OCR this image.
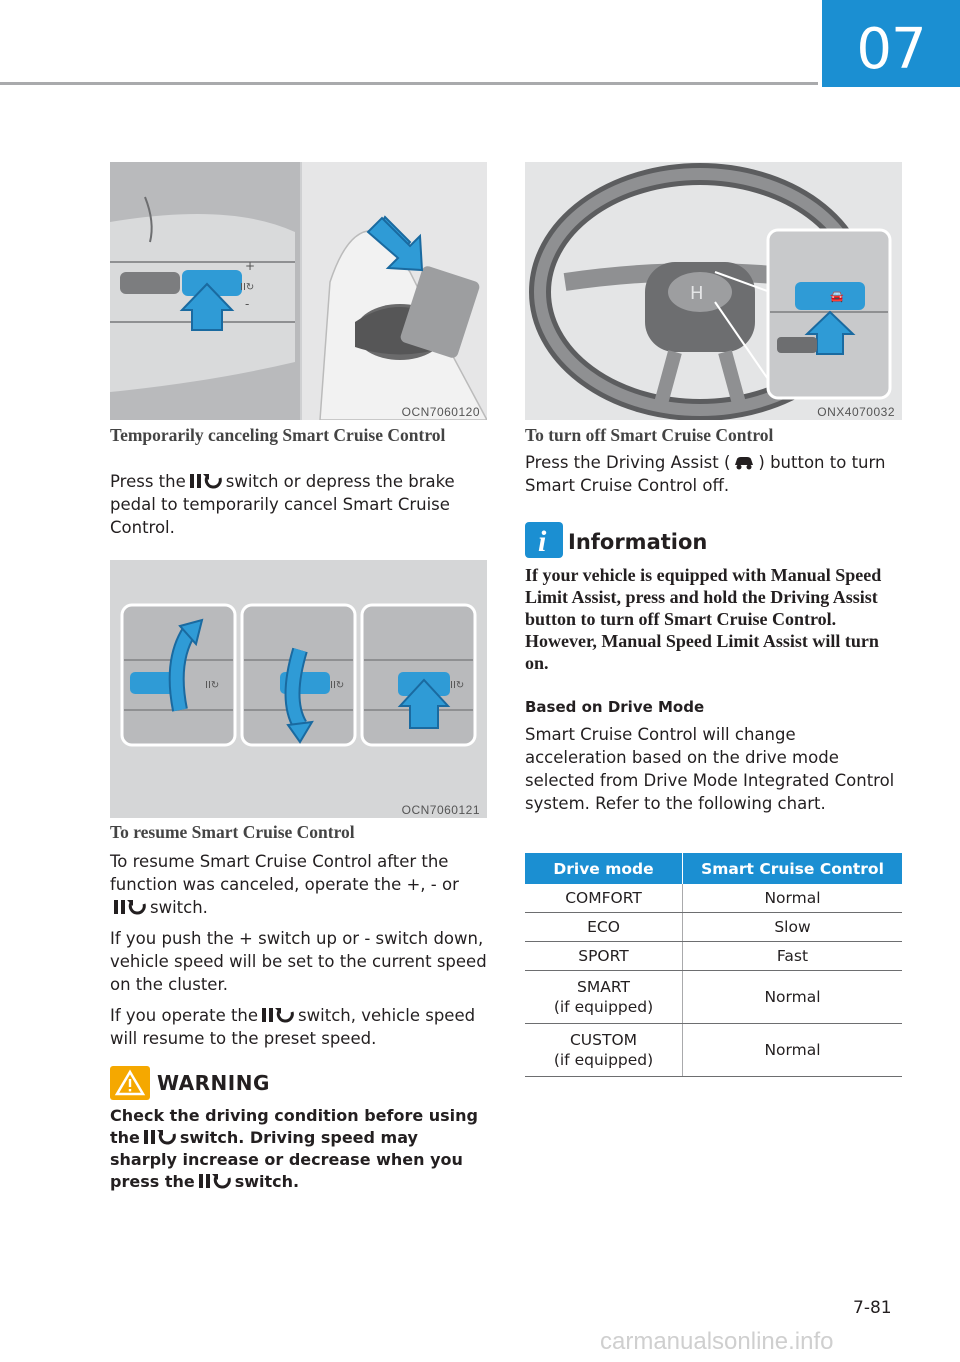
07
+
II↻
-
OCN7060120
Temporarily canceling Smart Cruise Control

Press the switch or depress the brake pedal to temporarily cancel Smart Cruise Control.

II↻	II↻	II↻
OCN7060121
To resume Smart Cruise Control

To resume Smart Cruise Control after the function was canceled, operate the +, - orswitch.

If you push the + switch up or - switch down, vehicle speed will be set to the current speed on the cluster.

If you operate the switch, vehicle speed will resume to the preset speed.

WARNING
Check the driving condition before using the	switch. Driving speed may sharply increase or decrease when you press the	switch.
H	🚘
ONX4070032
To turn off Smart Cruise Control

Press the Driving Assist ( ) button to turn Smart Cruise Control off.

i Information
If your vehicle is equipped with Manual Speed Limit Assist, press and hold the Driving Assist button to turn off Smart Cruise Control. However, Manual Speed Limit Assist will turn on.
Based on Drive Mode
Smart Cruise Control will change acceleration based on the drive mode selected from Drive Mode Integrated Control system. Refer to the following chart.
Drive mode	Smart Cruise Control
COMFORT	Normal
ECO	Slow
SPORT	Fast

SMART
(if equipped)	Normal

CUSTOM
(if equipped)	Normal
7-81
carmanualsonline.info
